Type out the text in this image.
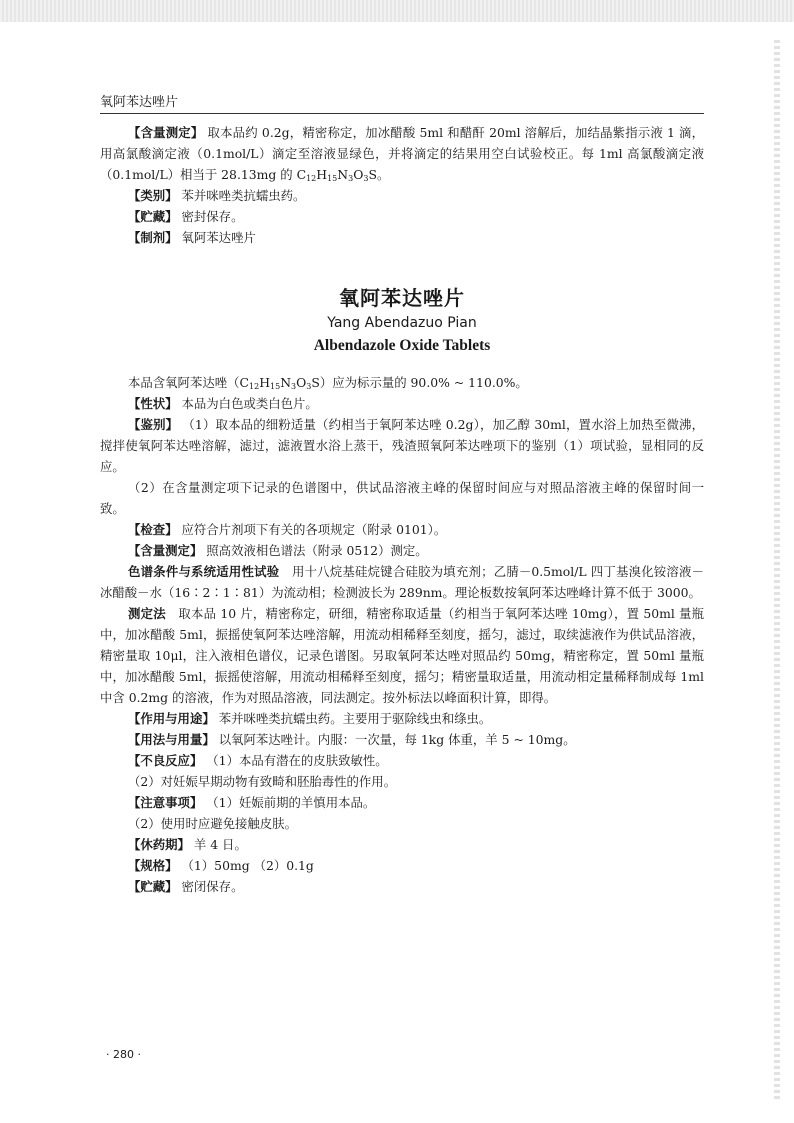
氧阿苯达唑片

【含量测定】 取本品约 0.2g，精密称定，加冰醋酸 5ml 和醋酐 20ml 溶解后，加结晶紫指示液 1 滴，用高氯酸滴定液（0.1mol/L）滴定至溶液显绿色，并将滴定的结果用空白试验校正。每 1ml 高氯酸滴定液（0.1mol/L）相当于 28.13mg 的 $C_{12}H_{15}N_3O_3S$。

【类别】 苯并咪唑类抗蠕虫药。

【贮藏】 密封保存。

【制剂】 氧阿苯达唑片

氧阿苯达唑片

Yang Abendazuo Pian

Albendazole Oxide Tablets

本品含氧阿苯达唑$(C_{12}H_{15}N_3O_3S)$应为标示量的 90.0% ~ 110.0%。

【性状】 本品为白色或类白色片。

【鉴别】 （1）取本品的细粉适量（约相当于氧阿苯达唑 0.2g），加乙醇 30ml，置水浴上加热至微沸，搅拌使氧阿苯达唑溶解，滤过，滤液置水浴上蒸干，残渣照氧阿苯达唑项下的鉴别（1）项试验，显相同的反应。

（2）在含量测定项下记录的色谱图中，供试品溶液主峰的保留时间应与对照品溶液主峰的保留时间一致。

【检查】 应符合片剂项下有关的各项规定（附录 0101）。

【含量测定】 照高效液相色谱法（附录 0512）测定。

色谱条件与系统适用性试验　 用十八烷基硅烷键合硅胶为填充剂；乙腈－0.5mol/L 四丁基溴化铵溶液－冰醋酸－水（16∶2∶1∶81）为流动相；检测波长为 289nm。理论板数按氧阿苯达唑峰计算不低于 3000。

测定法　 取本品 10 片，精密称定，研细，精密称取适量（约相当于氧阿苯达唑 10mg），置 50ml 量瓶中，加冰醋酸 5ml，振摇使氧阿苯达唑溶解，用流动相稀释至刻度，摇匀，滤过，取续滤液作为供试品溶液，精密量取 10μl，注入液相色谱仪，记录色谱图。另取氧阿苯达唑对照品约 50mg，精密称定，置 50ml 量瓶中，加冰醋酸 5ml，振摇使溶解，用流动相稀释至刻度，摇匀；精密量取适量，用流动相定量稀释制成每 1ml 中含 0.2mg 的溶液，作为对照品溶液，同法测定。按外标法以峰面积计算，即得。

【作用与用途】 苯并咪唑类抗蠕虫药。主要用于驱除线虫和绦虫。

【用法与用量】 以氧阿苯达唑计。内服：一次量，每 1kg 体重，羊 5 ~ 10mg。

【不良反应】 （1）本品有潜在的皮肤致敏性。

（2）对妊娠早期动物有致畸和胚胎毒性的作用。

【注意事项】 （1）妊娠前期的羊慎用本品。

（2）使用时应避免接触皮肤。

【休药期】 羊 4 日。

【规格】 （1）50mg （2）0.1g

【贮藏】 密闭保存。

· 280 ·
